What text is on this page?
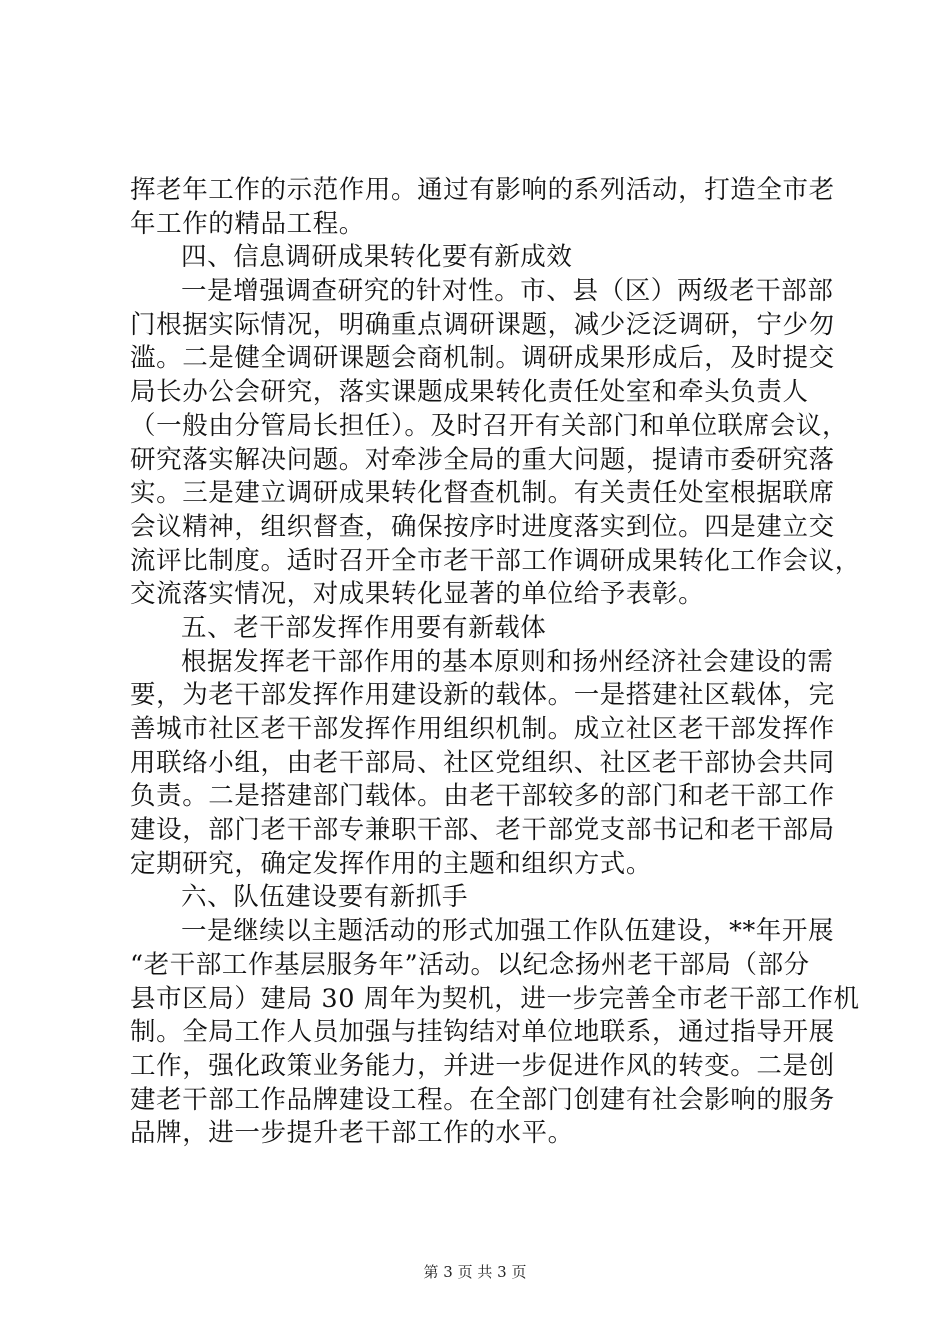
挥老年工作的示范作用。通过有影响的系列活动，打造全市老
年工作的精品工程。
四、信息调研成果转化要有新成效
一是增强调查研究的针对性。市、县（区）两级老干部部
门根据实际情况，明确重点调研课题，减少泛泛调研，宁少勿
滥。二是健全调研课题会商机制。调研成果形成后，及时提交
局长办公会研究，落实课题成果转化责任处室和牵头负责人
（一般由分管局长担任）。及时召开有关部门和单位联席会议，
研究落实解决问题。对牵涉全局的重大问题，提请市委研究落
实。三是建立调研成果转化督查机制。有关责任处室根据联席
会议精神，组织督查，确保按序时进度落实到位。四是建立交
流评比制度。适时召开全市老干部工作调研成果转化工作会议，
交流落实情况，对成果转化显著的单位给予表彰。
五、老干部发挥作用要有新载体
根据发挥老干部作用的基本原则和扬州经济社会建设的需
要，为老干部发挥作用建设新的载体。一是搭建社区载体，完
善城市社区老干部发挥作用组织机制。成立社区老干部发挥作
用联络小组，由老干部局、社区党组织、社区老干部协会共同
负责。二是搭建部门载体。由老干部较多的部门和老干部工作
建设，部门老干部专兼职干部、老干部党支部书记和老干部局
定期研究，确定发挥作用的主题和组织方式。
六、队伍建设要有新抓手
一是继续以主题活动的形式加强工作队伍建设，**年开展
“老干部工作基层服务年”活动。以纪念扬州老干部局（部分
县市区局）建局 30 周年为契机，进一步完善全市老干部工作机
制。全局工作人员加强与挂钩结对单位地联系，通过指导开展
工作，强化政策业务能力，并进一步促进作风的转变。二是创
建老干部工作品牌建设工程。在全部门创建有社会影响的服务
品牌，进一步提升老干部工作的水平。
第 3 页 共 3 页
